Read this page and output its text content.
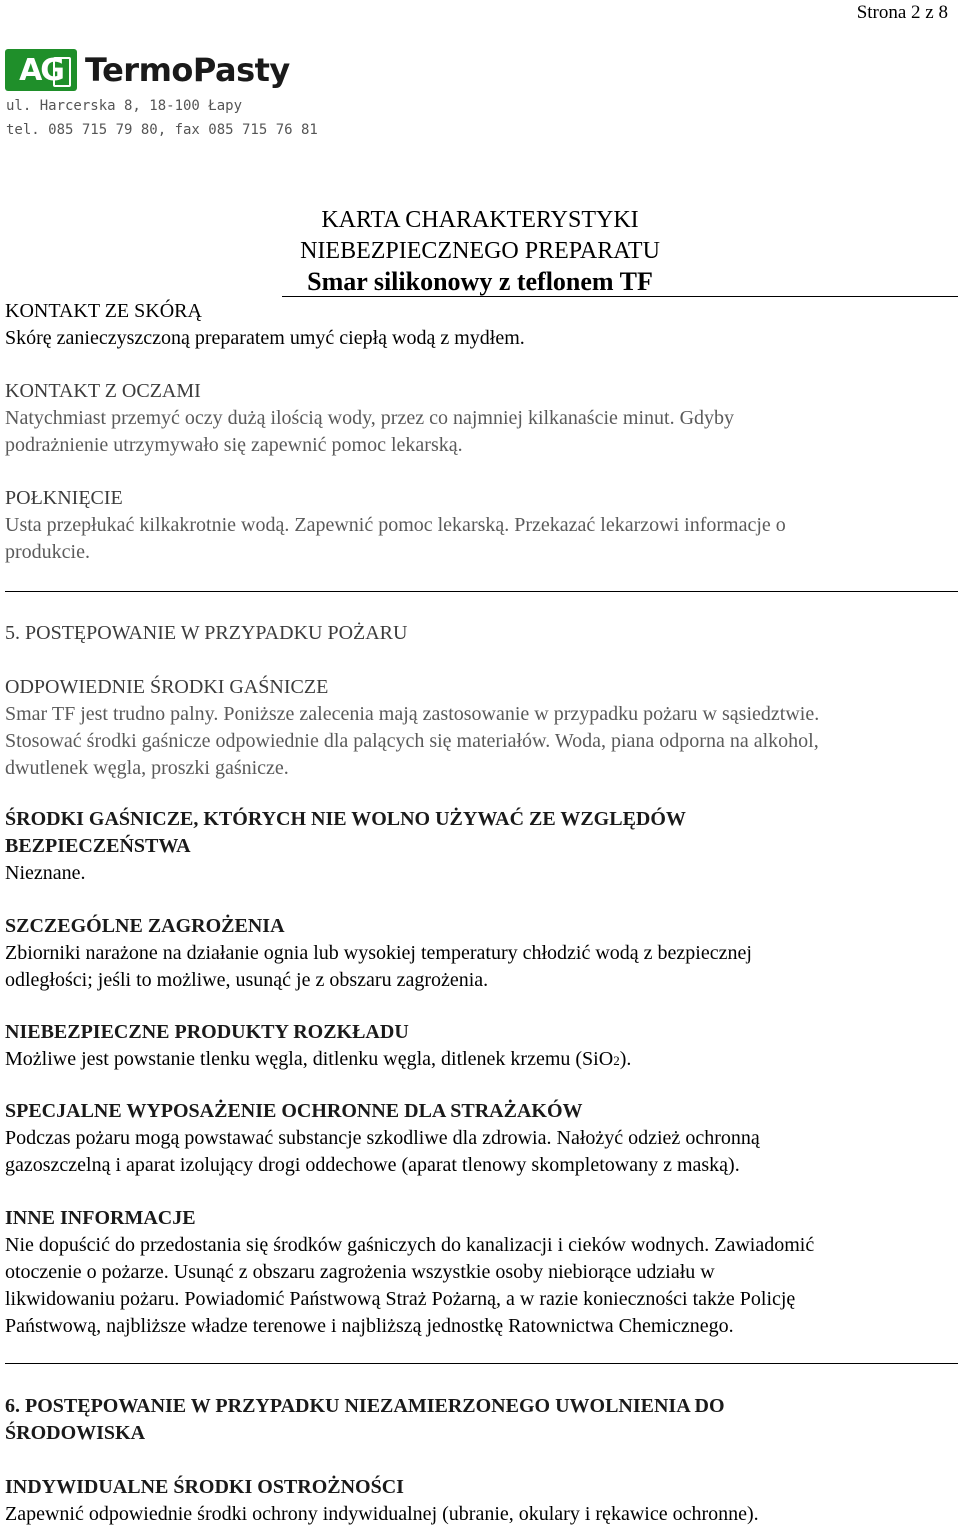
Strona 2 z 8
AG TermoPasty
ul. Harcerska 8, 18-100 Łapy
tel. 085 715 79 80, fax 085 715 76 81
KARTA CHARAKTERYSTYKI
NIEBEZPIECZNEGO PREPARATU
Smar silikonowy z teflonem TF
KONTAKT ZE SKÓRĄ
Skórę zanieczyszczoną preparatem umyć ciepłą wodą z mydłem.
KONTAKT Z OCZAMI
Natychmiast przemyć oczy dużą ilością wody, przez co najmniej kilkanaście minut. Gdyby
podrażnienie utrzymywało się zapewnić pomoc lekarską.
POŁKNIĘCIE
Usta przepłukać kilkakrotnie wodą. Zapewnić pomoc lekarską. Przekazać lekarzowi informacje o
produkcie.
5. POSTĘPOWANIE W PRZYPADKU POŻARU
ODPOWIEDNIE ŚRODKI GAŚNICZE
Smar TF jest trudno palny. Poniższe zalecenia mają zastosowanie w przypadku pożaru w sąsiedztwie.
Stosować środki gaśnicze odpowiednie dla palących się materiałów. Woda, piana odporna na alkohol,
dwutlenek węgla, proszki gaśnicze.
ŚRODKI GAŚNICZE, KTÓRYCH NIE WOLNO UŻYWAĆ ZE WZGLĘDÓW
BEZPIECZEŃSTWA
Nieznane.
SZCZEGÓLNE ZAGROŻENIA
Zbiorniki narażone na działanie ognia lub wysokiej temperatury chłodzić wodą z bezpiecznej
odległości; jeśli to możliwe, usunąć je z obszaru zagrożenia.
NIEBEZPIECZNE PRODUKTY ROZKŁADU
Możliwe jest powstanie tlenku węgla, ditlenku węgla, ditlenek krzemu (SiO2).
SPECJALNE WYPOSAŻENIE OCHRONNE DLA STRAŻAKÓW
Podczas pożaru mogą powstawać substancje szkodliwe dla zdrowia. Nałożyć odzież ochronną
gazoszczelną i aparat izolujący drogi oddechowe (aparat tlenowy skompletowany z maską).
INNE INFORMACJE
Nie dopuścić do przedostania się środków gaśniczych do kanalizacji i cieków wodnych. Zawiadomić
otoczenie o pożarze. Usunąć z obszaru zagrożenia wszystkie osoby niebiorące udziału w
likwidowaniu pożaru. Powiadomić Państwową Straż Pożarną, a w razie konieczności także Policję
Państwową, najbliższe władze terenowe i najbliższą jednostkę Ratownictwa Chemicznego.
6. POSTĘPOWANIE W PRZYPADKU NIEZAMIERZONEGO UWOLNIENIA DO
ŚRODOWISKA
INDYWIDUALNE ŚRODKI OSTROŻNOŚCI
Zapewnić odpowiednie środki ochrony indywidualnej (ubranie, okulary i rękawice ochronne).
